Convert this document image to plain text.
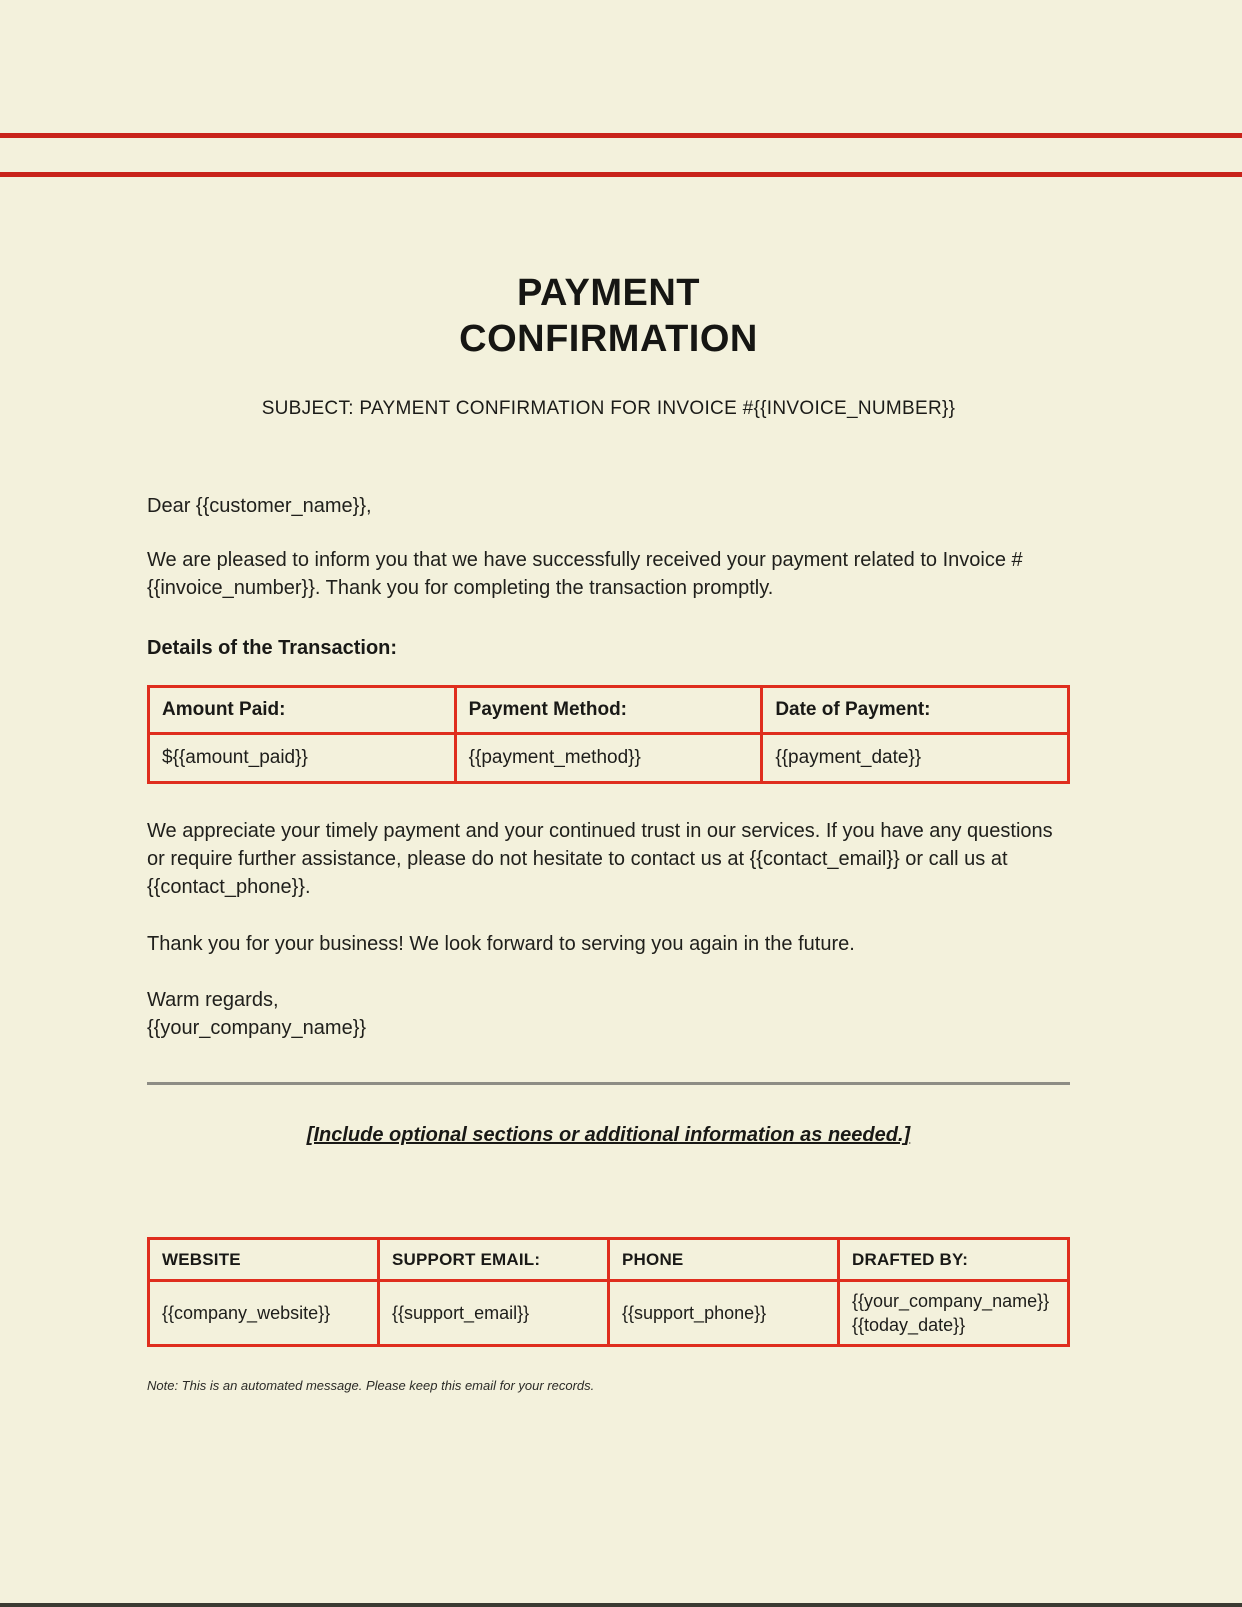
PAYMENT
CONFIRMATION
SUBJECT: PAYMENT CONFIRMATION FOR INVOICE #{{INVOICE_NUMBER}}
Dear {{customer_name}},
We are pleased to inform you that we have successfully received your payment related to Invoice #{{invoice_number}}. Thank you for completing the transaction promptly.
Details of the Transaction:
Amount Paid:	Payment Method:	Date of Payment:
${{amount_paid}}	{{payment_method}}	{{payment_date}}
We appreciate your timely payment and your continued trust in our services. If you have any questions or require further assistance, please do not hesitate to contact us at {{contact_email}} or call us at {{contact_phone}}.
Thank you for your business! We look forward to serving you again in the future.
Warm regards,
{{your_company_name}}
[Include optional sections or additional information as needed.]
WEBSITE	SUPPORT EMAIL:	PHONE	DRAFTED BY:
{{company_website}}	{{support_email}}	{{support_phone}}	{{your_company_name}}
{{today_date}}
Note: This is an automated message. Please keep this email for your records.
